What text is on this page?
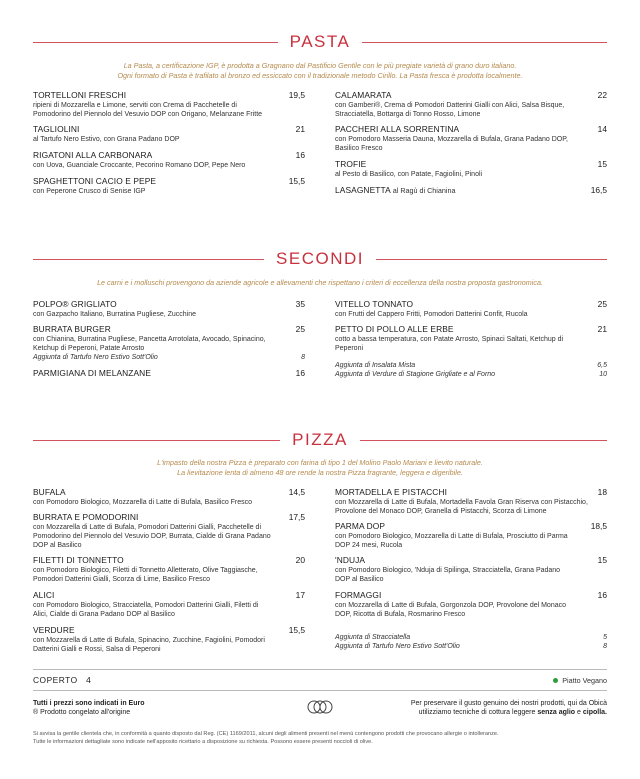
PASTA
La Pasta, a certificazione IGP, è prodotta a Gragnano dal Pastificio Gentile con le più pregiate varietà di grano duro italiano.
Ogni formato di Pasta è trafilato al bronzo ed essiccato con il tradizionale metodo Cirillo. La Pasta fresca è prodotta localmente.
TORTELLONI FRESCHI	19,5
ripieni di Mozzarella e Limone, serviti con Crema di Pacchetelle di Pomodorino del Piennolo del Vesuvio DOP con Origano, Melanzane Fritte
TAGLIOLINI	21
al Tartufo Nero Estivo, con Grana Padano DOP
RIGATONI ALLA CARBONARA	16
con Uova, Guanciale Croccante, Pecorino Romano DOP, Pepe Nero
SPAGHETTONI CACIO E PEPE	15,5
con Peperone Crusco di Senise IGP
CALAMARATA	22
con Gamberi®, Crema di Pomodori Datterini Gialli con Alici, Salsa Bisque, Stracciatella, Bottarga di Tonno Rosso, Limone
PACCHERI ALLA SORRENTINA	14
con Pomodoro Masseria Dauna, Mozzarella di Bufala, Grana Padano DOP, Basilico Fresco
TROFIE	15
al Pesto di Basilico, con Patate, Fagiolini, Pinoli
LASAGNETTA al Ragù di Chianina	16,5
SECONDI
Le carni e i molluschi provengono da aziende agricole e allevamenti che rispettano i criteri di eccellenza della nostra proposta gastronomica.
POLPO® GRIGLIATO	35
con Gazpacho Italiano, Burratina Pugliese, Zucchine
BURRATA BURGER	25
con Chianina, Burratina Pugliese, Pancetta Arrotolata, Avocado, Spinacino, Ketchup di Peperoni, Patate Arrosto
Aggiunta di Tartufo Nero Estivo Sott'Olio	8
PARMIGIANA DI MELANZANE	16
VITELLO TONNATO	25
con Frutti del Cappero Fritti, Pomodori Datterini Confit, Rucola
PETTO DI POLLO ALLE ERBE	21
cotto a bassa temperatura, con Patate Arrosto, Spinaci Saltati, Ketchup di Peperoni
Aggiunta di Insalata Mista	6,5
Aggiunta di Verdure di Stagione Grigliate e al Forno	10
PIZZA
L'impasto della nostra Pizza è preparato con farina di tipo 1 del Molino Paolo Mariani e lievito naturale.
La lievitazione lenta di almeno 48 ore rende la nostra Pizza fragrante, leggera e digeribile.
BUFALA	14,5
con Pomodoro Biologico, Mozzarella di Latte di Bufala, Basilico Fresco
BURRATA E POMODORINI	17,5
con Mozzarella di Latte di Bufala, Pomodori Datterini Gialli, Pacchetelle di Pomodorino del Piennolo del Vesuvio DOP, Burrata, Cialde di Grana Padano DOP al Basilico
FILETTI DI TONNETTO	20
con Pomodoro Biologico, Filetti di Tonnetto Alletterato, Olive Taggiasche, Pomodori Datterini Gialli, Scorza di Lime, Basilico Fresco
ALICI	17
con Pomodoro Biologico, Stracciatella, Pomodori Datterini Gialli, Filetti di Alici, Cialde di Grana Padano DOP al Basilico
VERDURE	15,5
con Mozzarella di Latte di Bufala, Spinacino, Zucchine, Fagiolini, Pomodori Datterini Gialli e Rossi, Salsa di Peperoni
MORTADELLA E PISTACCHI	18
con Mozzarella di Latte di Bufala, Mortadella Favola Gran Riserva con Pistacchio, Provolone del Monaco DOP, Granella di Pistacchi, Scorza di Limone
PARMA DOP	18,5
con Pomodoro Biologico, Mozzarella di Latte di Bufala, Prosciutto di Parma DOP 24 mesi, Rucola
'NDUJA	15
con Pomodoro Biologico, 'Nduja di Spilinga, Stracciatella, Grana Padano DOP al Basilico
FORMAGGI	16
con Mozzarella di Latte di Bufala, Gorgonzola DOP, Provolone del Monaco DOP, Ricotta di Bufala, Rosmarino Fresco
Aggiunta di Stracciatella	5
Aggiunta di Tartufo Nero Estivo Sott'Olio	8
COPERTO 4	Piatto Vegano
Tutti i prezzi sono indicati in Euro
® Prodotto congelato all'origine
Per preservare il gusto genuino dei nostri prodotti, qui da Obicà
utilizziamo tecniche di cottura leggere senza aglio e cipolla.
Si avvisa la gentile clientela che, in conformità a quanto disposto dal Reg. (CE) 1169/2011, alcuni degli alimenti presenti nel menù contengono prodotti che provocano allergie o intolleranze.
Tutte le informazioni dettagliate sono indicate nell'apposito ricettario a disposizione su richiesta. Possono essere presenti noccioli di olive.
